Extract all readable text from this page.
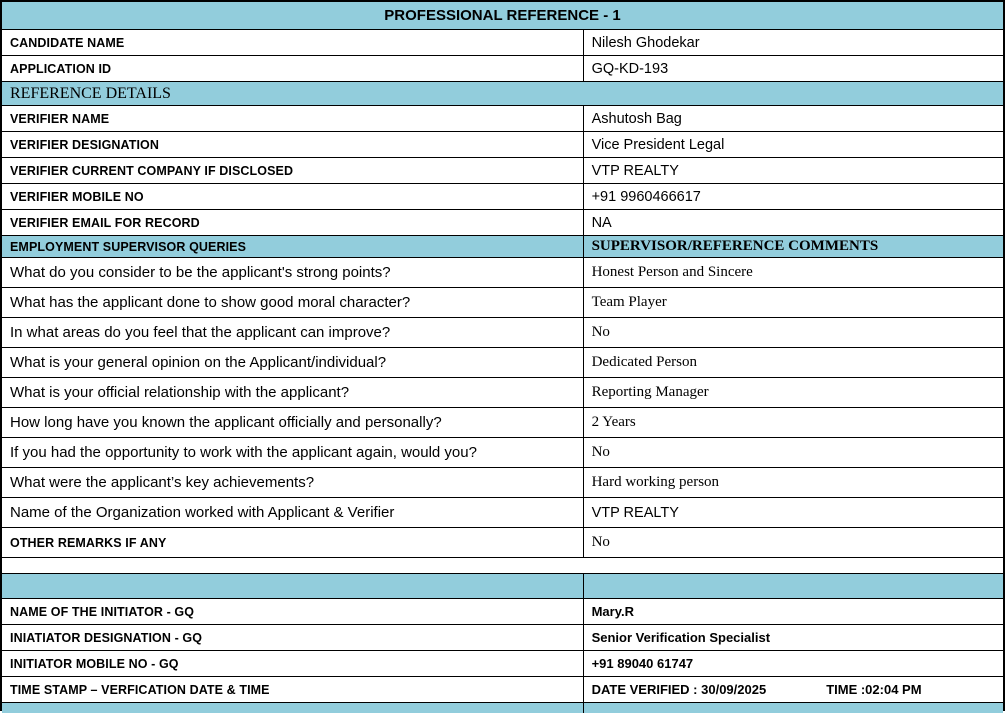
PROFESSIONAL REFERENCE - 1
CANDIDATE NAME	Nilesh Ghodekar
APPLICATION ID	GQ-KD-193
REFERENCE DETAILS
VERIFIER NAME	Ashutosh Bag
VERIFIER DESIGNATION	Vice President Legal
VERIFIER CURRENT COMPANY IF DISCLOSED	VTP REALTY
VERIFIER MOBILE NO	+91 9960466617
VERIFIER EMAIL FOR RECORD	NA
EMPLOYMENT SUPERVISOR QUERIES	SUPERVISOR/REFERENCE COMMENTS
What do you consider to be the applicant's strong points?	Honest Person and Sincere
What has the applicant done to show good moral character?	Team Player
In what areas do you feel that the applicant can improve?	No
What is your general opinion on the Applicant/individual?	Dedicated Person
What is your official relationship with the applicant?	Reporting Manager
How long have you known the applicant officially and personally?	2 Years
If you had the opportunity to work with the applicant again, would you?	No
What were the applicant’s key achievements?	Hard working person
Name of the Organization worked with Applicant & Verifier	VTP REALTY
OTHER REMARKS IF ANY	No
NAME OF THE INITIATOR - GQ	Mary.R
INIATIATOR DESIGNATION - GQ	Senior Verification Specialist
INITIATOR MOBILE NO - GQ	+91 89040 61747
TIME STAMP – VERFICATION DATE & TIME	DATE VERIFIED : 30/09/2025	TIME :02:04 PM
